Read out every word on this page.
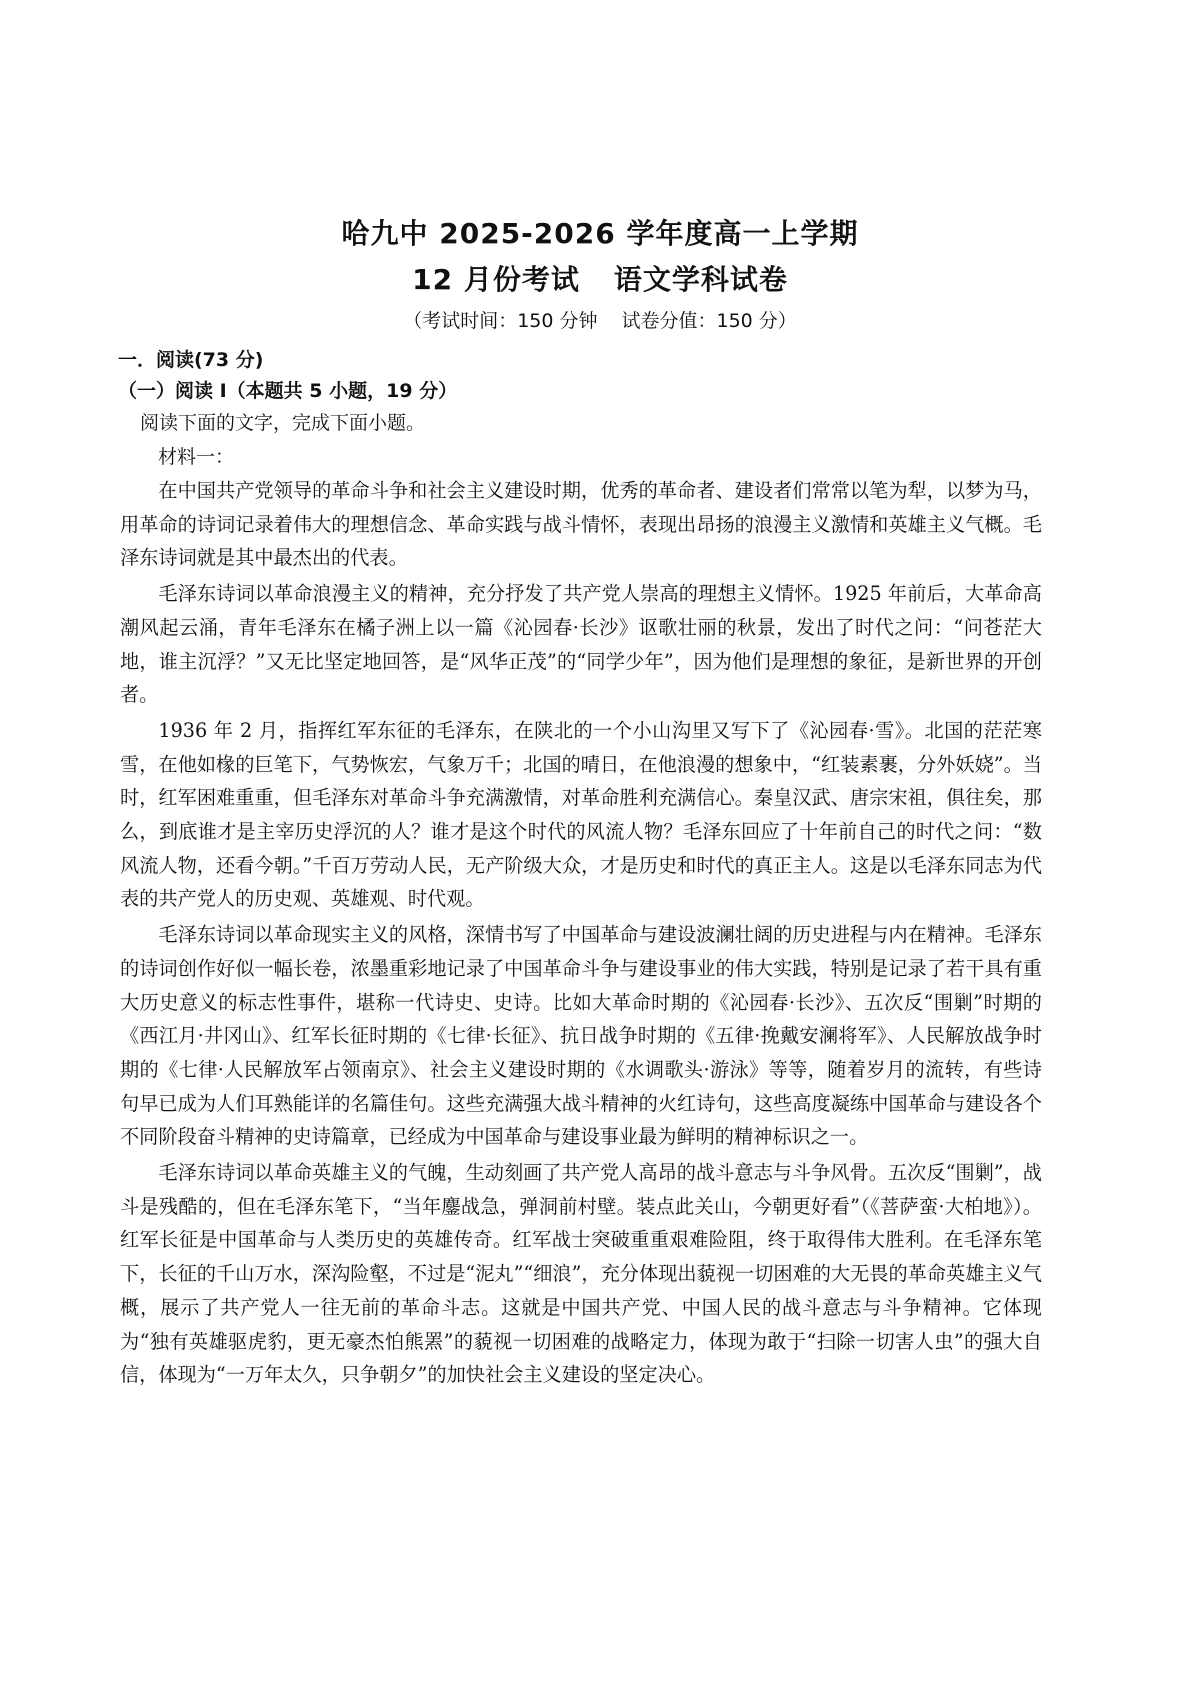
哈九中 2025-2026 学年度高一上学期
12 月份考试 语文学科试卷
（考试时间：150 分钟 试卷分值：150 分）
一．阅读(73 分)
（一）阅读 I（本题共 5 小题，19 分）
阅读下面的文字，完成下面小题。
材料一：

在中国共产党领导的革命斗争和社会主义建设时期，优秀的革命者、建设者们常常以笔为犁，以梦为马，用革命的诗词记录着伟大的理想信念、革命实践与战斗情怀，表现出昂扬的浪漫主义激情和英雄主义气概。毛泽东诗词就是其中最杰出的代表。

毛泽东诗词以革命浪漫主义的精神，充分抒发了共产党人崇高的理想主义情怀。1925 年前后，大革命高潮风起云涌，青年毛泽东在橘子洲上以一篇《沁园春·长沙》讴歌壮丽的秋景，发出了时代之问：“问苍茫大地，谁主沉浮？”又无比坚定地回答，是“风华正茂”的“同学少年”，因为他们是理想的象征，是新世界的开创者。

1936 年 2 月，指挥红军东征的毛泽东，在陕北的一个小山沟里又写下了《沁园春·雪》。北国的茫茫寒雪，在他如椽的巨笔下，气势恢宏，气象万千；北国的晴日，在他浪漫的想象中，“红装素裹，分外妖娆”。当时，红军困难重重，但毛泽东对革命斗争充满激情，对革命胜利充满信心。秦皇汉武、唐宗宋祖，俱往矣，那么，到底谁才是主宰历史浮沉的人？谁才是这个时代的风流人物？毛泽东回应了十年前自己的时代之问：“数风流人物，还看今朝。”千百万劳动人民，无产阶级大众，才是历史和时代的真正主人。这是以毛泽东同志为代表的共产党人的历史观、英雄观、时代观。

毛泽东诗词以革命现实主义的风格，深情书写了中国革命与建设波澜壮阔的历史进程与内在精神。毛泽东的诗词创作好似一幅长卷，浓墨重彩地记录了中国革命斗争与建设事业的伟大实践，特别是记录了若干具有重大历史意义的标志性事件，堪称一代诗史、史诗。比如大革命时期的《沁园春·长沙》、五次反“围剿”时期的《西江月·井冈山》、红军长征时期的《七律·长征》、抗日战争时期的《五律·挽戴安澜将军》、人民解放战争时期的《七律·人民解放军占领南京》、社会主义建设时期的《水调歌头·游泳》等等，随着岁月的流转，有些诗句早已成为人们耳熟能详的名篇佳句。这些充满强大战斗精神的火红诗句，这些高度凝练中国革命与建设各个不同阶段奋斗精神的史诗篇章，已经成为中国革命与建设事业最为鲜明的精神标识之一。

毛泽东诗词以革命英雄主义的气魄，生动刻画了共产党人高昂的战斗意志与斗争风骨。五次反“围剿”，战斗是残酷的，但在毛泽东笔下，“当年鏖战急，弹洞前村壁。装点此关山，今朝更好看”（《菩萨蛮·大柏地》）。红军长征是中国革命与人类历史的英雄传奇。红军战士突破重重艰难险阻，终于取得伟大胜利。在毛泽东笔下，长征的千山万水，深沟险壑，不过是“泥丸”“细浪”，充分体现出藐视一切困难的大无畏的革命英雄主义气概，展示了共产党人一往无前的革命斗志。这就是中国共产党、中国人民的战斗意志与斗争精神。它体现为“独有英雄驱虎豹，更无豪杰怕熊罴”的藐视一切困难的战略定力，体现为敢于“扫除一切害人虫”的强大自信，体现为“一万年太久，只争朝夕”的加快社会主义建设的坚定决心。
